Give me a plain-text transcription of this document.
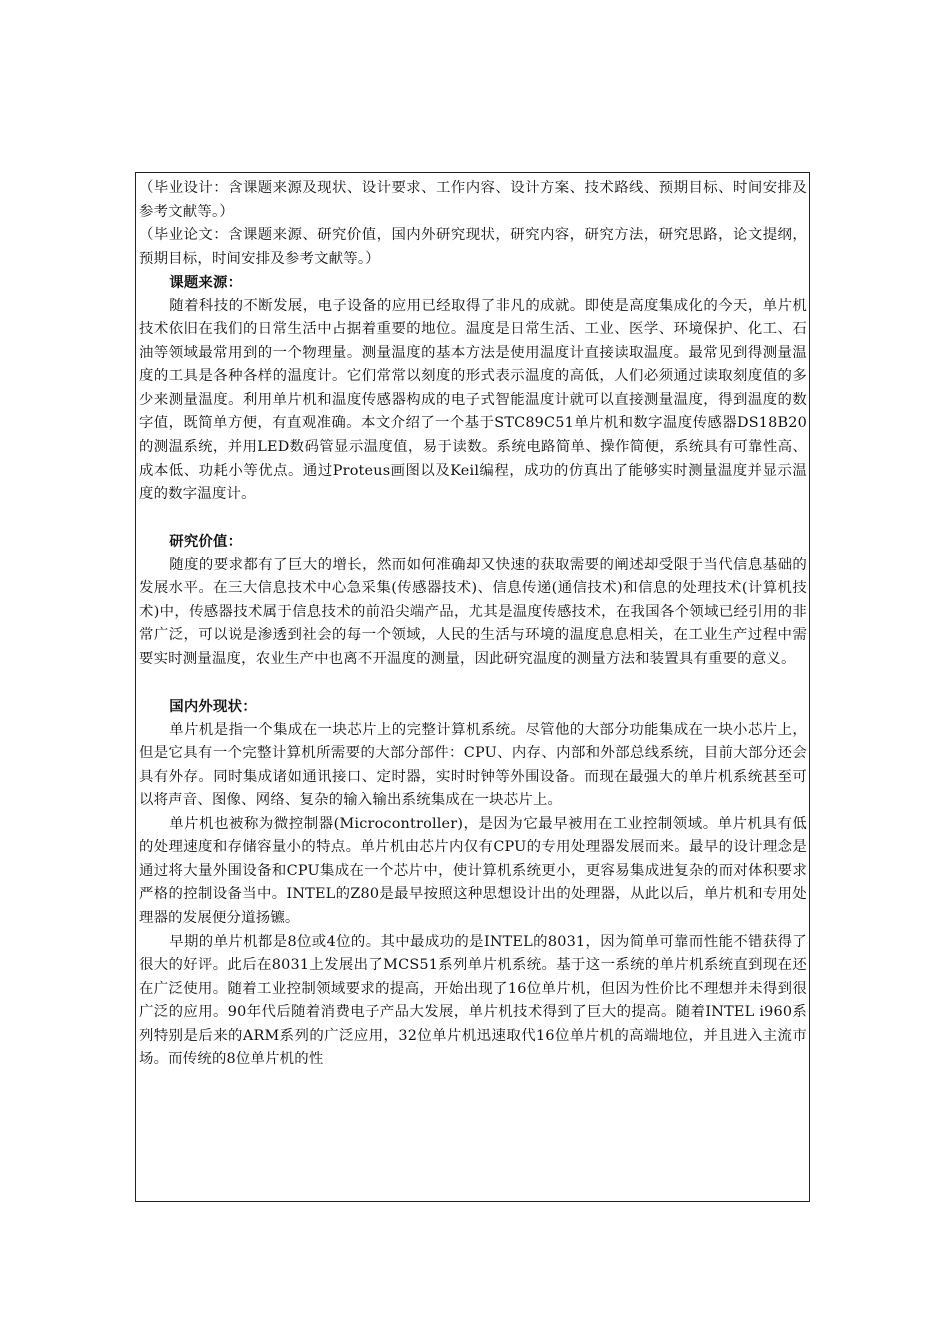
（毕业设计：含课题来源及现状、设计要求、工作内容、设计方案、技术路线、预期目标、时间安排及参考文献等。）

（毕业论文：含课题来源、研究价值，国内外研究现状，研究内容，研究方法，研究思路，论文提纲，预期目标，时间安排及参考文献等。）

课题来源：

随着科技的不断发展，电子设备的应用已经取得了非凡的成就。即使是高度集成化的今天，单片机技术依旧在我们的日常生活中占据着重要的地位。温度是日常生活、工业、医学、环境保护、化工、石油等领域最常用到的一个物理量。测量温度的基本方法是使用温度计直接读取温度。最常见到得测量温度的工具是各种各样的温度计。它们常常以刻度的形式表示温度的高低，人们必须通过读取刻度值的多少来测量温度。利用单片机和温度传感器构成的电子式智能温度计就可以直接测量温度，得到温度的数字值，既简单方便，有直观准确。本文介绍了一个基于STC89C51单片机和数字温度传感器DS18B20的测温系统，并用LED数码管显示温度值，易于读数。系统电路简单、操作简便，系统具有可靠性高、成本低、功耗小等优点。通过Proteus画图以及Keil编程，成功的仿真出了能够实时测量温度并显示温度的数字温度计。

研究价值：

随度的要求都有了巨大的增长，然而如何准确却又快速的获取需要的阐述却受限于当代信息基础的发展水平。在三大信息技术中心急采集(传感器技术)、信息传递(通信技术)和信息的处理技术(计算机技术)中，传感器技术属于信息技术的前沿尖端产品，尤其是温度传感技术，在我国各个领域已经引用的非常广泛，可以说是渗透到社会的每一个领域，人民的生活与环境的温度息息相关，在工业生产过程中需要实时测量温度，农业生产中也离不开温度的测量，因此研究温度的测量方法和装置具有重要的意义。

国内外现状：

单片机是指一个集成在一块芯片上的完整计算机系统。尽管他的大部分功能集成在一块小芯片上，但是它具有一个完整计算机所需要的大部分部件：CPU、内存、内部和外部总线系统，目前大部分还会具有外存。同时集成诸如通讯接口、定时器，实时时钟等外围设备。而现在最强大的单片机系统甚至可以将声音、图像、网络、复杂的输入输出系统集成在一块芯片上。

单片机也被称为微控制器(Microcontroller)，是因为它最早被用在工业控制领域。单片机具有低的处理速度和存储容量小的特点。单片机由芯片内仅有CPU的专用处理器发展而来。最早的设计理念是通过将大量外围设备和CPU集成在一个芯片中，使计算机系统更小，更容易集成进复杂的而对体积要求严格的控制设备当中。INTEL的Z80是最早按照这种思想设计出的处理器，从此以后，单片机和专用处理器的发展便分道扬镳。

早期的单片机都是8位或4位的。其中最成功的是INTEL的8031，因为简单可靠而性能不错获得了很大的好评。此后在8031上发展出了MCS51系列单片机系统。基于这一系统的单片机系统直到现在还在广泛使用。随着工业控制领域要求的提高，开始出现了16位单片机，但因为性价比不理想并未得到很广泛的应用。90年代后随着消费电子产品大发展，单片机技术得到了巨大的提高。随着INTEL i960系列特别是后来的ARM系列的广泛应用，32位单片机迅速取代16位单片机的高端地位，并且进入主流市场。而传统的8位单片机的性
